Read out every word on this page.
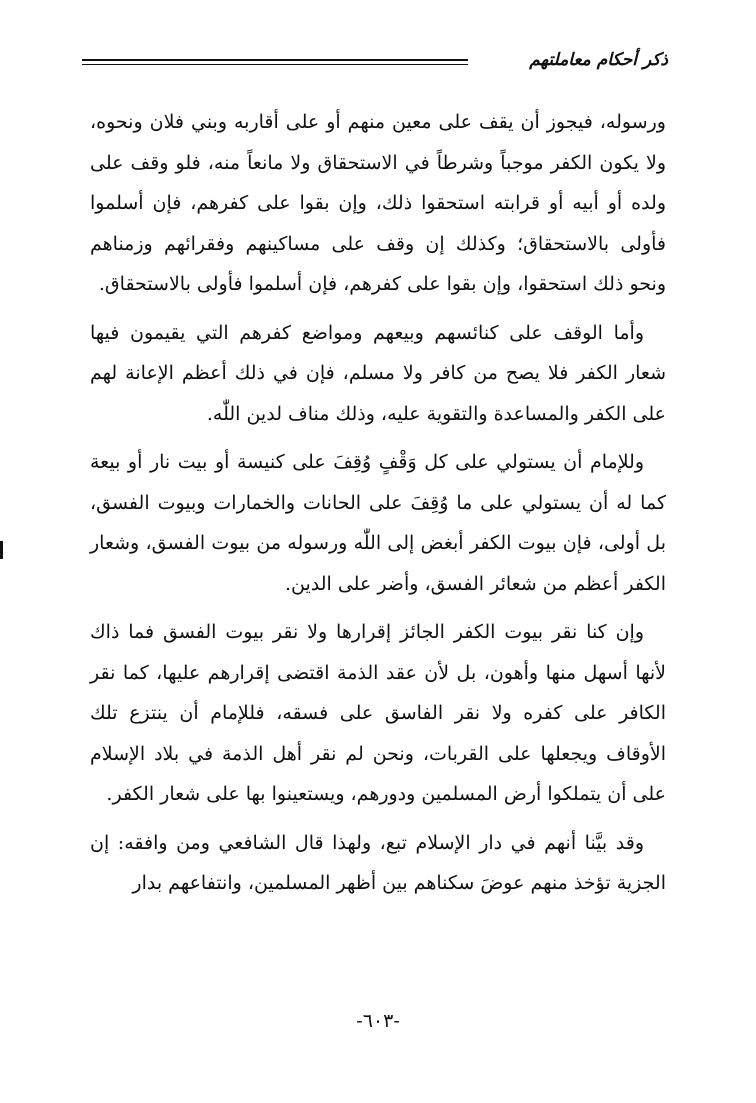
ذكر أحكام معاملتهم

ورسوله، فيجوز أن يقف على معين منهم أو على أقاربه وبني فلان ونحوه، ولا يكون الكفر موجباً وشرطاً في الاستحقاق ولا مانعاً منه، فلو وقف على ولده أو أبيه أو قرابته استحقوا ذلك، وإن بقوا على كفرهم، فإن أسلموا فأولى بالاستحقاق؛ وكذلك إن وقف على مساكينهم وفقرائهم وزمناهم ونحو ذلك استحقوا، وإن بقوا على كفرهم، فإن أسلموا فأولى بالاستحقاق.

وأما الوقف على كنائسهم وبيعهم ومواضع كفرهم التي يقيمون فيها شعار الكفر فلا يصح من كافر ولا مسلم، فإن في ذلك أعظم الإعانة لهم على الكفر والمساعدة والتقوية عليه، وذلك مناف لدين اللّٰه.

وللإمام أن يستولي على كل وَقْفٍ وُقِفَ على كنيسة أو بيت نار أو بيعة كما له أن يستولي على ما وُقِفَ على الحانات والخمارات وبيوت الفسق، بل أولى، فإن بيوت الكفر أبغض إلى اللّٰه ورسوله من بيوت الفسق، وشعار الكفر أعظم من شعائر الفسق، وأضر على الدين.

وإن كنا نقر بيوت الكفر الجائز إقرارها ولا نقر بيوت الفسق فما ذاك لأنها أسهل منها وأهون، بل لأن عقد الذمة اقتضى إقرارهم عليها، كما نقر الكافر على كفره ولا نقر الفاسق على فسقه، فللإمام أن ينتزع تلك الأوقاف ويجعلها على القربات، ونحن لم نقر أهل الذمة في بلاد الإسلام على أن يتملكوا أرض المسلمين ودورهم، ويستعينوا بها على شعار الكفر.

وقد بيَّنا أنهم في دار الإسلام تبع، ولهذا قال الشافعي ومن وافقه: إن الجزية تؤخذ منهم عوضَ سكناهم بين أظهر المسلمين، وانتفاعهم بدار

-٦٠٣-
